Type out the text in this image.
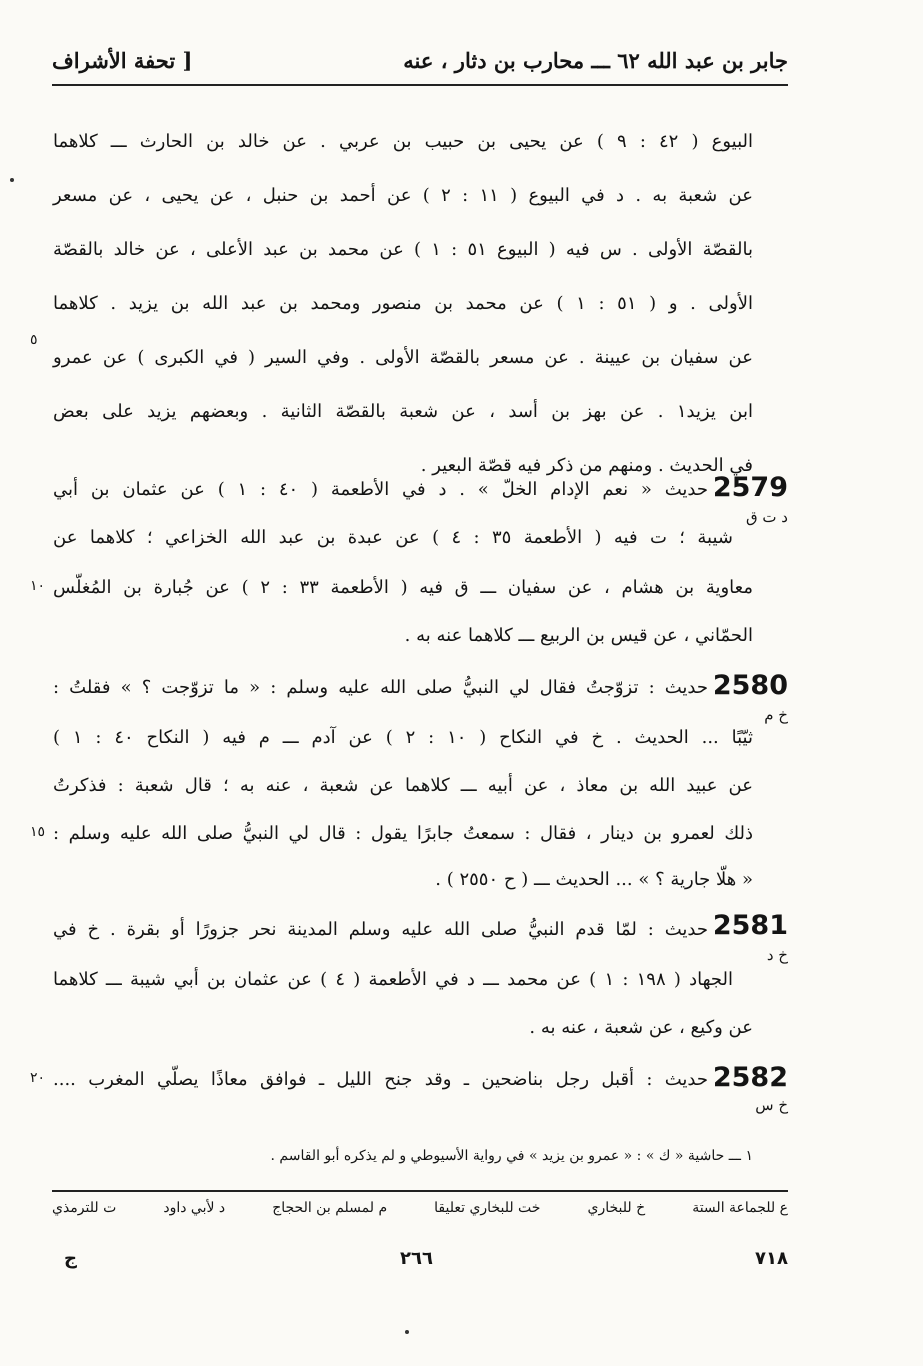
جابر بن عبد الله ٦٢ ـــ محارب بن دثار ، عنه
[ تحفة الأشراف
البيوع ( ٤٢ : ٩ ) عن يحيى بن حبيب بن عربي . عن خالد بن الحارث ـــ كلاهما
عن شعبة به . د في البيوع ( ١١ : ٢ ) عن أحمد بن حنبل ، عن يحيى ، عن مسعر
بالقصّة الأولى . س فيه ( البيوع ٥١ : ١ ) عن محمد بن عبد الأعلى ، عن خالد بالقصّة
الأولى . و ( ٥١ : ١ ) عن محمد بن منصور ومحمد بن عبد الله بن يزيد . كلاهما
عن سفيان بن عيينة . عن مسعر بالقصّة الأولى . وفي السير ( في الكبرى ) عن عمرو
ابن يزيد١ . عن بهز بن أسد ، عن شعبة بالقصّة الثانية . وبعضهم يزيد على بعض
في الحديث . ومنهم من ذكر فيه قصّة البعير .
2579
د ت ق
حديث « نعم الإدام الخلّ » . د في الأطعمة ( ٤٠ : ١ ) عن عثمان بن أبي
شيبة ؛ ت فيه ( الأطعمة ٣٥ : ٤ ) عن عبدة بن عبد الله الخزاعي ؛ كلاهما عن
معاوية بن هشام ، عن سفيان ـــ ق فيه ( الأطعمة ٣٣ : ٢ ) عن جُبارة بن المُغلّس
الحمّاني ، عن قيس بن الربيع ـــ كلاهما عنه به .
2580
خ م
حديث : تزوّجتُ فقال لي النبيُّ صلى الله عليه وسلم : « ما تزوّجت ؟ » فقلتُ :
ثيّبًا ... الحديث . خ في النكاح ( ١٠ : ٢ ) عن آدم ـــ م فيه ( النكاح ٤٠ : ١ )
عن عبيد الله بن معاذ ، عن أبيه ـــ كلاهما عن شعبة ، عنه به ؛ قال شعبة : فذكرتُ
ذلك لعمرو بن دينار ، فقال : سمعتُ جابرًا يقول : قال لي النبيُّ صلى الله عليه وسلم :
« هلّا جارية ؟ » ... الحديث ـــ ( ح ٢٥٥٠ ) .
2581
خ د
حديث : لمّا قدم النبيُّ صلى الله عليه وسلم المدينة نحر جزورًا أو بقرة . خ في
الجهاد ( ١٩٨ : ١ ) عن محمد ـــ د في الأطعمة ( ٤ ) عن عثمان بن أبي شيبة ـــ كلاهما
عن وكيع ، عن شعبة ، عنه به .
2582
خ س
حديث : أقبل رجل بناضحين ـ وقد جنح الليل ـ فوافق معاذًا يصلّي المغرب ....
٥
١٠
١٥
٢٠
١ ـــ حاشية « ك » : « عمرو بن يزيد » في رواية الأسيوطي و لم يذكره أبو القاسم .
ع للجماعة الستة
خ للبخاري
خت للبخاري تعليقا
م لمسلم بن الحجاج
د لأبي داود
ت للترمذي
٧١٨
٢٦٦
ج
